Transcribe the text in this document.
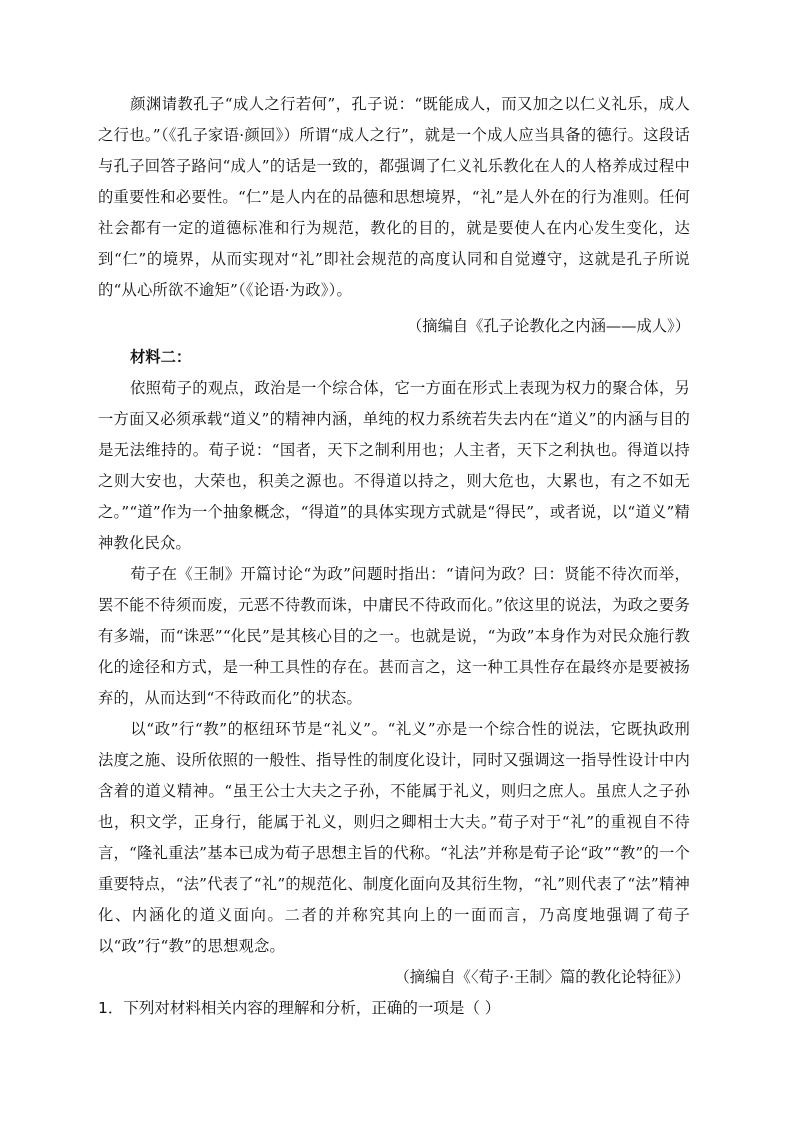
颜渊请教孔子“成人之行若何”，孔子说：“既能成人，而又加之以仁义礼乐，成人之行也。”（《孔子家语·颜回》）所谓“成人之行”，就是一个成人应当具备的德行。这段话与孔子回答子路问“成人”的话是一致的，都强调了仁义礼乐教化在人的人格养成过程中的重要性和必要性。“仁”是人内在的品德和思想境界，“礼”是人外在的行为准则。任何社会都有一定的道德标准和行为规范，教化的目的，就是要使人在内心发生变化，达到“仁”的境界，从而实现对“礼”即社会规范的高度认同和自觉遵守，这就是孔子所说的“从心所欲不逾矩”（《论语·为政》）。

（摘编自《孔子论教化之内涵——成人》）

材料二：

依照荀子的观点，政治是一个综合体，它一方面在形式上表现为权力的聚合体，另一方面又必须承载“道义”的精神内涵，单纯的权力系统若失去内在“道义”的内涵与目的是无法维持的。荀子说：“国者，天下之制利用也；人主者，天下之利执也。得道以持之则大安也，大荣也，积美之源也。不得道以持之，则大危也，大累也，有之不如无之。”“道”作为一个抽象概念，“得道”的具体实现方式就是“得民”，或者说，以“道义”精神教化民众。

荀子在《王制》开篇讨论“为政”问题时指出：“请问为政？曰：贤能不待次而举，罢不能不待须而废，元恶不待教而诛，中庸民不待政而化。”依这里的说法，为政之要务有多端，而“诛恶”“化民”是其核心目的之一。也就是说，“为政”本身作为对民众施行教化的途径和方式，是一种工具性的存在。甚而言之，这一种工具性存在最终亦是要被扬弃的，从而达到“不待政而化”的状态。

以“政”行“教”的枢纽环节是“礼义”。“礼义”亦是一个综合性的说法，它既执政刑法度之施、设所依照的一般性、指导性的制度化设计，同时又强调这一指导性设计中内含着的道义精神。“虽王公士大夫之子孙，不能属于礼义，则归之庶人。虽庶人之子孙也，积文学，正身行，能属于礼义，则归之卿相士大夫。”荀子对于“礼”的重视自不待言，“隆礼重法”基本已成为荀子思想主旨的代称。“礼法”并称是荀子论“政”“教”的一个重要特点，“法”代表了“礼”的规范化、制度化面向及其衍生物，“礼”则代表了“法”精神化、内涵化的道义面向。二者的并称究其向上的一面而言，乃高度地强调了荀子以“政”行“教”的思想观念。

（摘编自《〈荀子·王制〉篇的教化论特征》）

1．下列对材料相关内容的理解和分析，正确的一项是（ ）
